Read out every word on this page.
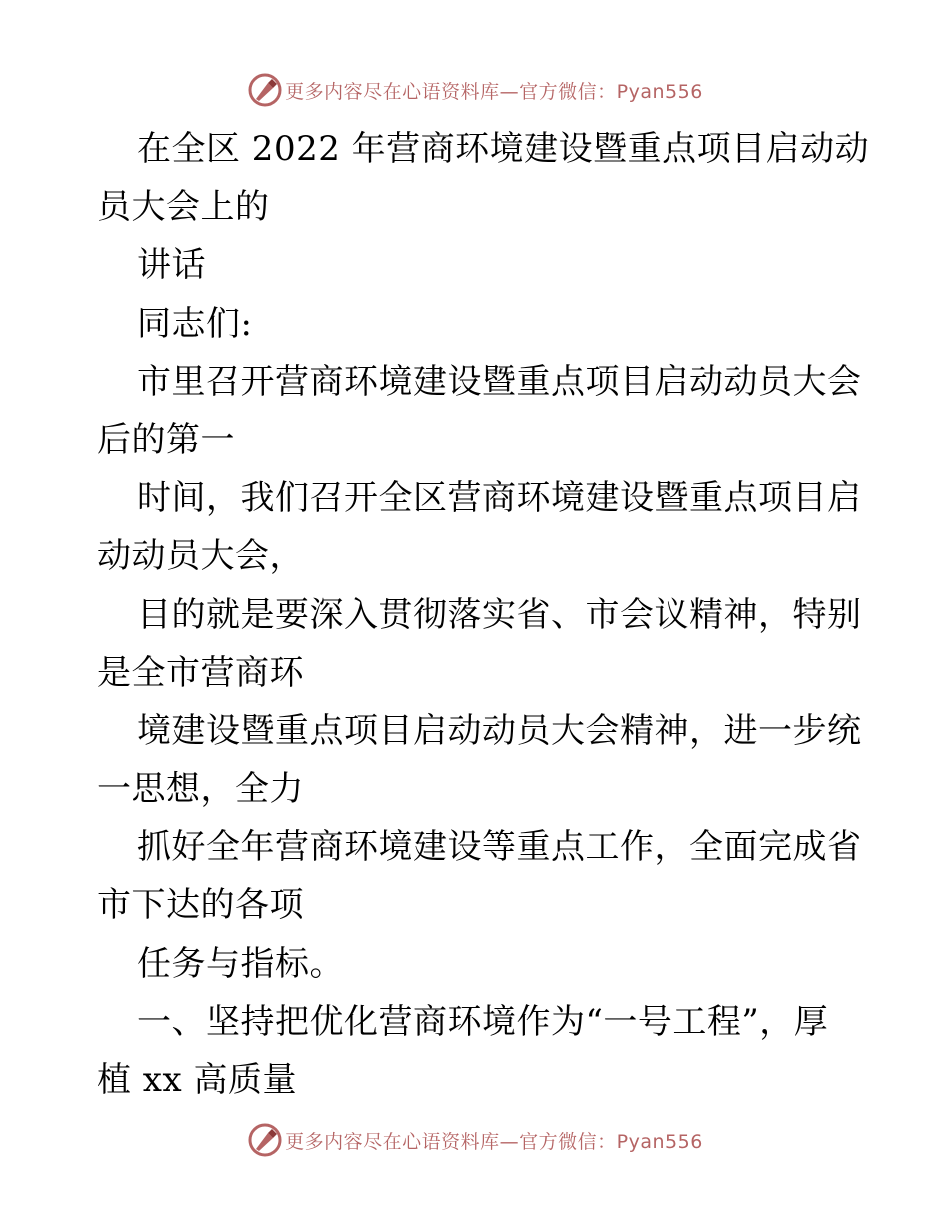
更多内容尽在心语资料库—官方微信：Pyan556
在全区 2022 年营商环境建设暨重点项目启动动
员大会上的
讲话
同志们:
市里召开营商环境建设暨重点项目启动动员大会
后的第一
时间，我们召开全区营商环境建设暨重点项目启
动动员大会，
目的就是要深入贯彻落实省、市会议精神，特别
是全市营商环
境建设暨重点项目启动动员大会精神，进一步统
一思想，全力
抓好全年营商环境建设等重点工作，全面完成省
市下达的各项
任务与指标。
一、坚持把优化营商环境作为“一号工程”，厚
植 xx 高质量
更多内容尽在心语资料库—官方微信：Pyan556
